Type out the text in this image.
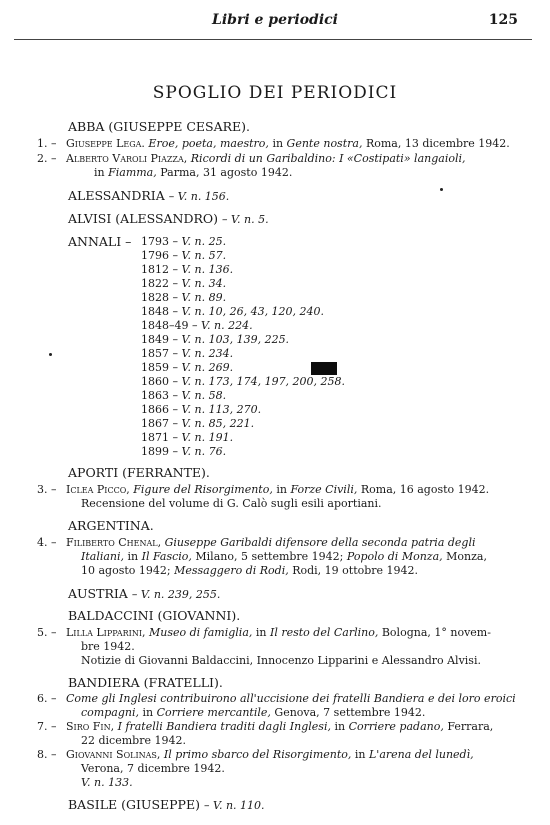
Libri e periodici	125
SPOGLIO DEI PERIODICI
ABBA (GIUSEPPE CESARE).
1. – Giuseppe Lega. Eroe, poeta, maestro, in Gente nostra, Roma, 13 dicembre 1942.
2. – Alberto Varoli Piazza, Ricordi di un Garibaldino: I «Costipati» langaioli,
in Fiamma, Parma, 31 agosto 1942.
ALESSANDRIA – V. n. 156.
ALVISI (ALESSANDRO) – V. n. 5.
ANNALI – 1793 – V. n. 25.
1796 – V. n. 57.
1812 – V. n. 136.
1822 – V. n. 34.
1828 – V. n. 89.
1848 – V. n. 10, 26, 43, 120, 240.
1848–49 – V. n. 224.
1849 – V. n. 103, 139, 225.
1857 – V. n. 234.
1859 – V. n. 269.
1860 – V. n. 173, 174, 197, 200, 258.
1863 – V. n. 58.
1866 – V. n. 113, 270.
1867 – V. n. 85, 221.
1871 – V. n. 191.
1899 – V. n. 76.
APORTI (FERRANTE).
3. – Iclea Picco, Figure del Risorgimento, in Forze Civili, Roma, 16 agosto 1942.
Recensione del volume di G. Calò sugli esili aportiani.
ARGENTINA.
4. – Filiberto Chenal, Giuseppe Garibaldi difensore della seconda patria degli
Italiani, in Il Fascio, Milano, 5 settembre 1942; Popolo di Monza, Monza,
10 agosto 1942; Messaggero di Rodi, Rodi, 19 ottobre 1942.
AUSTRIA – V. n. 239, 255.
BALDACCINI (GIOVANNI).
5. – Lilla Lipparini, Museo di famiglia, in Il resto del Carlino, Bologna, 1° novem-
bre 1942.
Notizie di Giovanni Baldaccini, Innocenzo Lipparini e Alessandro Alvisi.
BANDIERA (FRATELLI).
6. – Come gli Inglesi contribuirono all'uccisione dei fratelli Bandiera e dei loro eroici
compagni, in Corriere mercantile, Genova, 7 settembre 1942.
7. – Siro Fin, I fratelli Bandiera traditi dagli Inglesi, in Corriere padano, Ferrara,
22 dicembre 1942.
8. – Giovanni Solinas, Il primo sbarco del Risorgimento, in L'arena del lunedì,
Verona, 7 dicembre 1942.
V. n. 133.
BASILE (GIUSEPPE) – V. n. 110.
